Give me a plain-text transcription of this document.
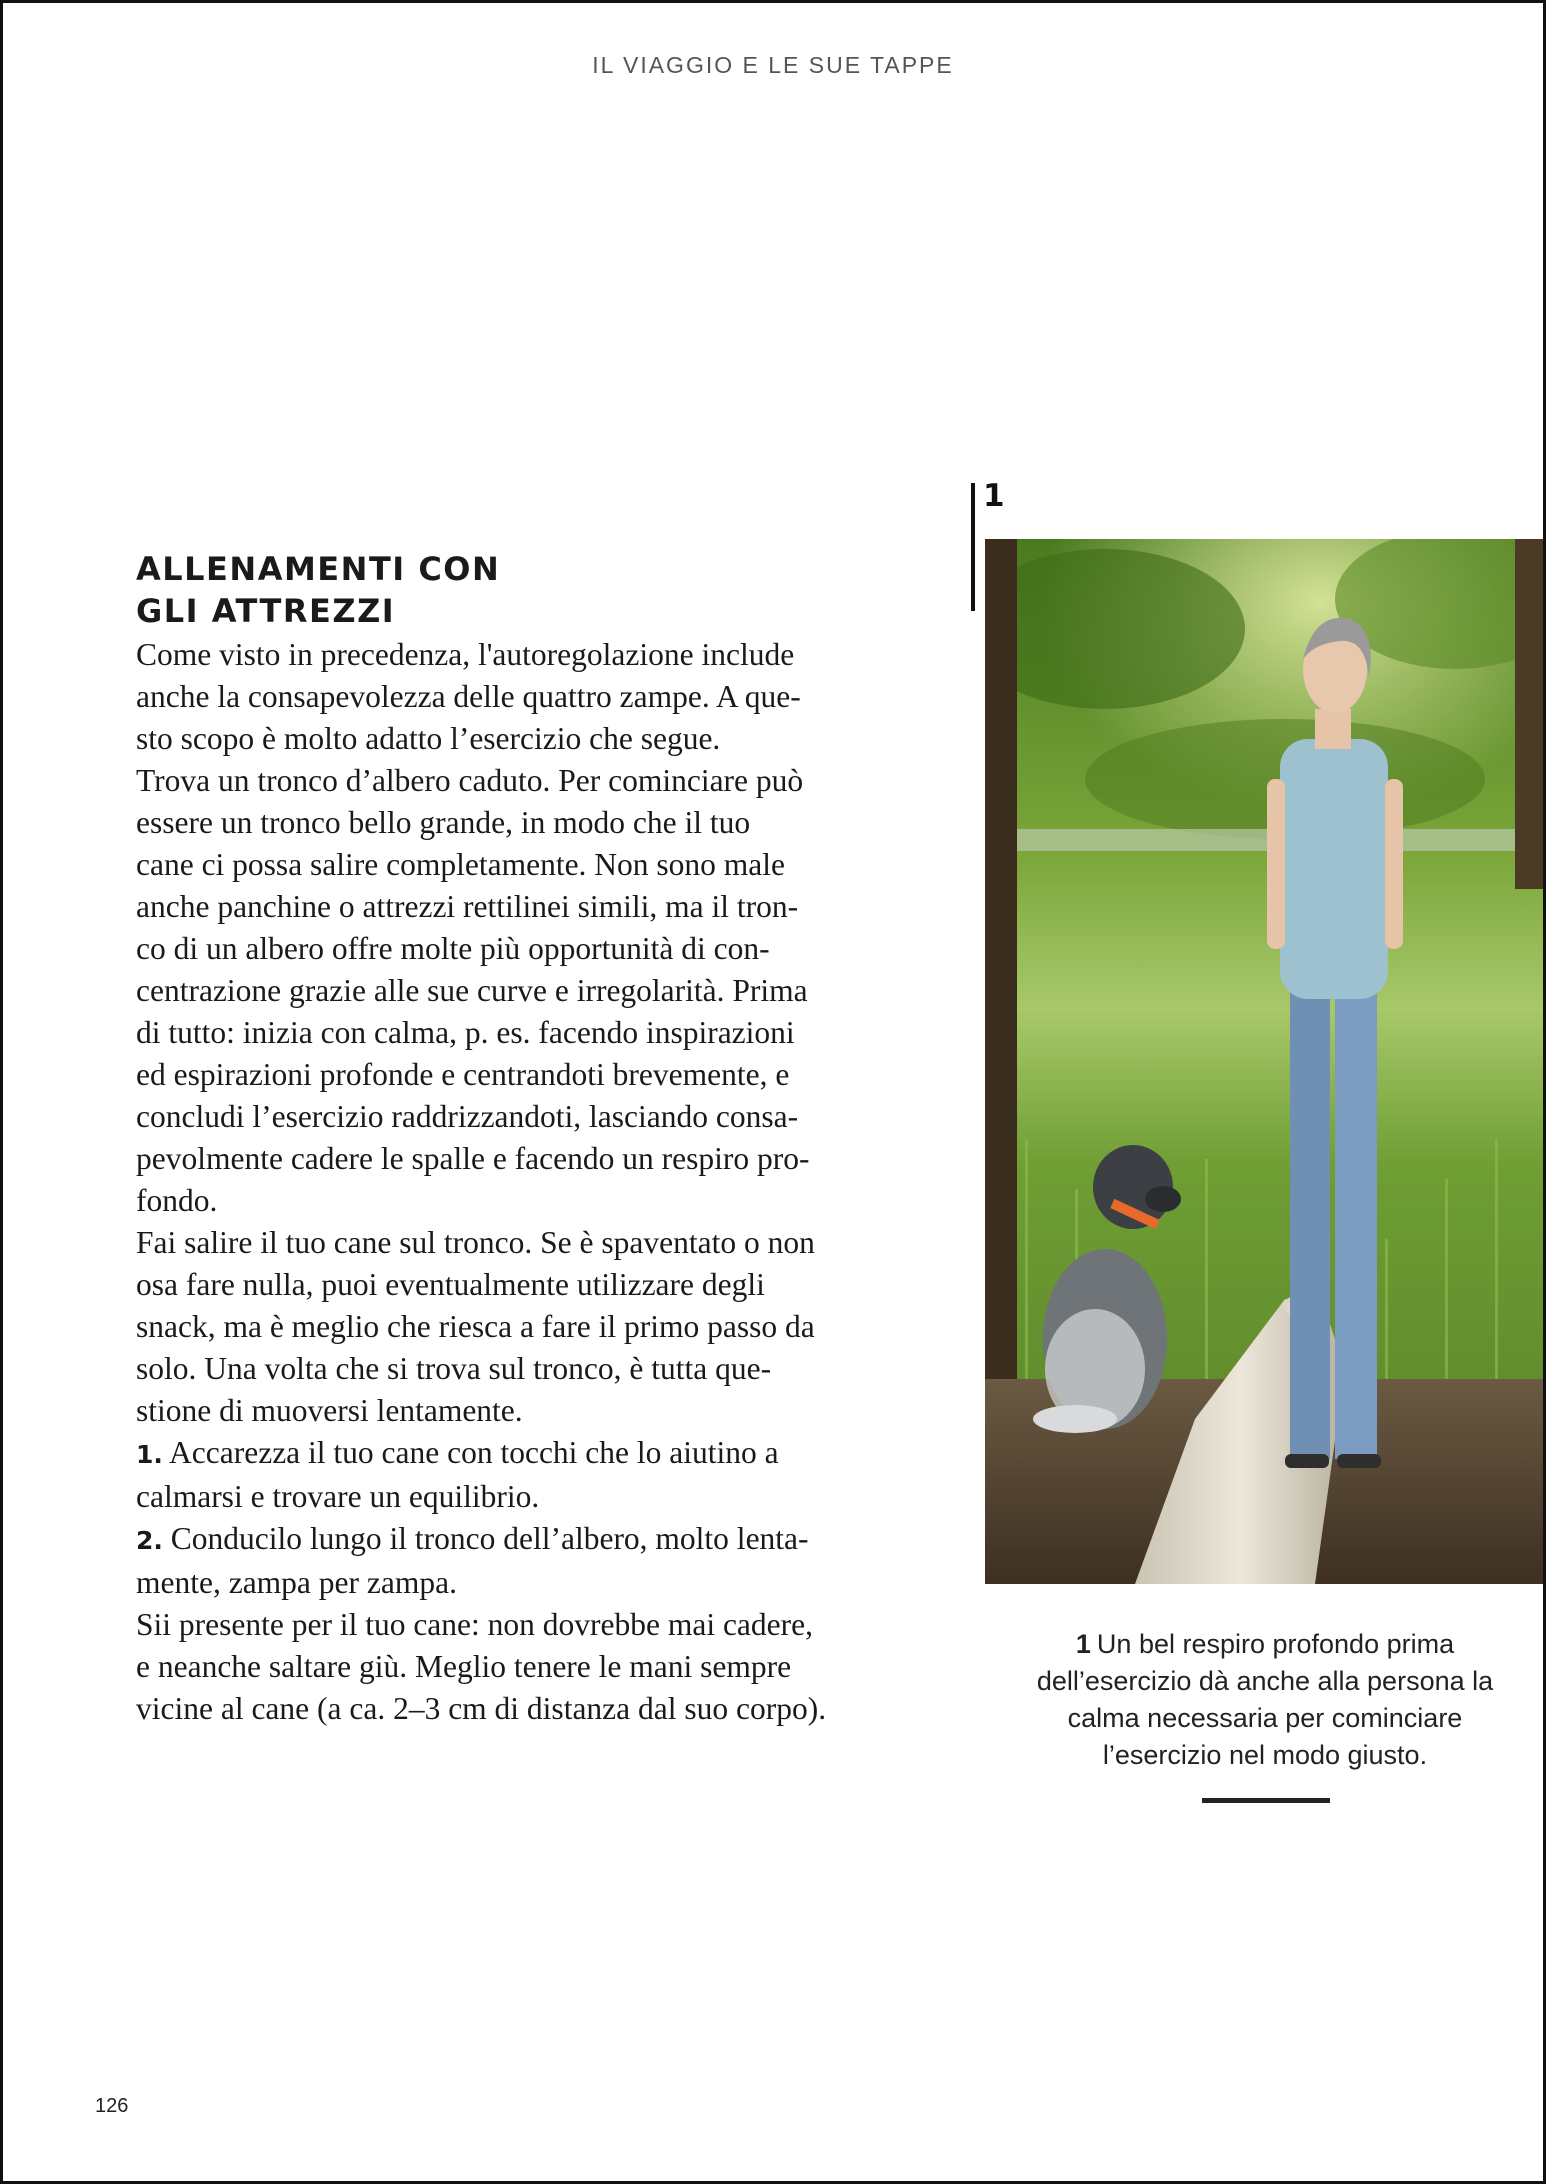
IL VIAGGIO E LE SUE TAPPE
ALLENAMENTI CON
GLI ATTREZZI
Come visto in precedenza, l'autoregolazione include
anche la consapevolezza delle quattro zampe. A que-
sto scopo è molto adatto l’esercizio che segue.
Trova un tronco d’albero caduto. Per cominciare può
essere un tronco bello grande, in modo che il tuo
cane ci possa salire completamente. Non sono male
anche panchine o attrezzi rettilinei simili, ma il tron-
co di un albero offre molte più opportunità di con-
centrazione grazie alle sue curve e irregolarità. Prima
di tutto: inizia con calma, p. es. facendo inspirazioni
ed espirazioni profonde e centrandoti brevemente, e
concludi l’esercizio raddrizzandoti, lasciando consa-
pevolmente cadere le spalle e facendo un respiro pro-
fondo.
Fai salire il tuo cane sul tronco. Se è spaventato o non
osa fare nulla, puoi eventualmente utilizzare degli
snack, ma è meglio che riesca a fare il primo passo da
solo. Una volta che si trova sul tronco, è tutta que-
stione di muoversi lentamente.
1. Accarezza il tuo cane con tocchi che lo aiutino a
calmarsi e trovare un equilibrio.
2. Conducilo lungo il tronco dell’albero, molto lenta-
mente, zampa per zampa.
Sii presente per il tuo cane: non dovrebbe mai cadere,
e neanche saltare giù. Meglio tenere le mani sempre
vicine al cane (a ca. 2–3 cm di distanza dal suo corpo).
1
1 Un bel respiro profondo prima
dell’esercizio dà anche alla persona la
calma necessaria per cominciare
l’esercizio nel modo giusto.
126
